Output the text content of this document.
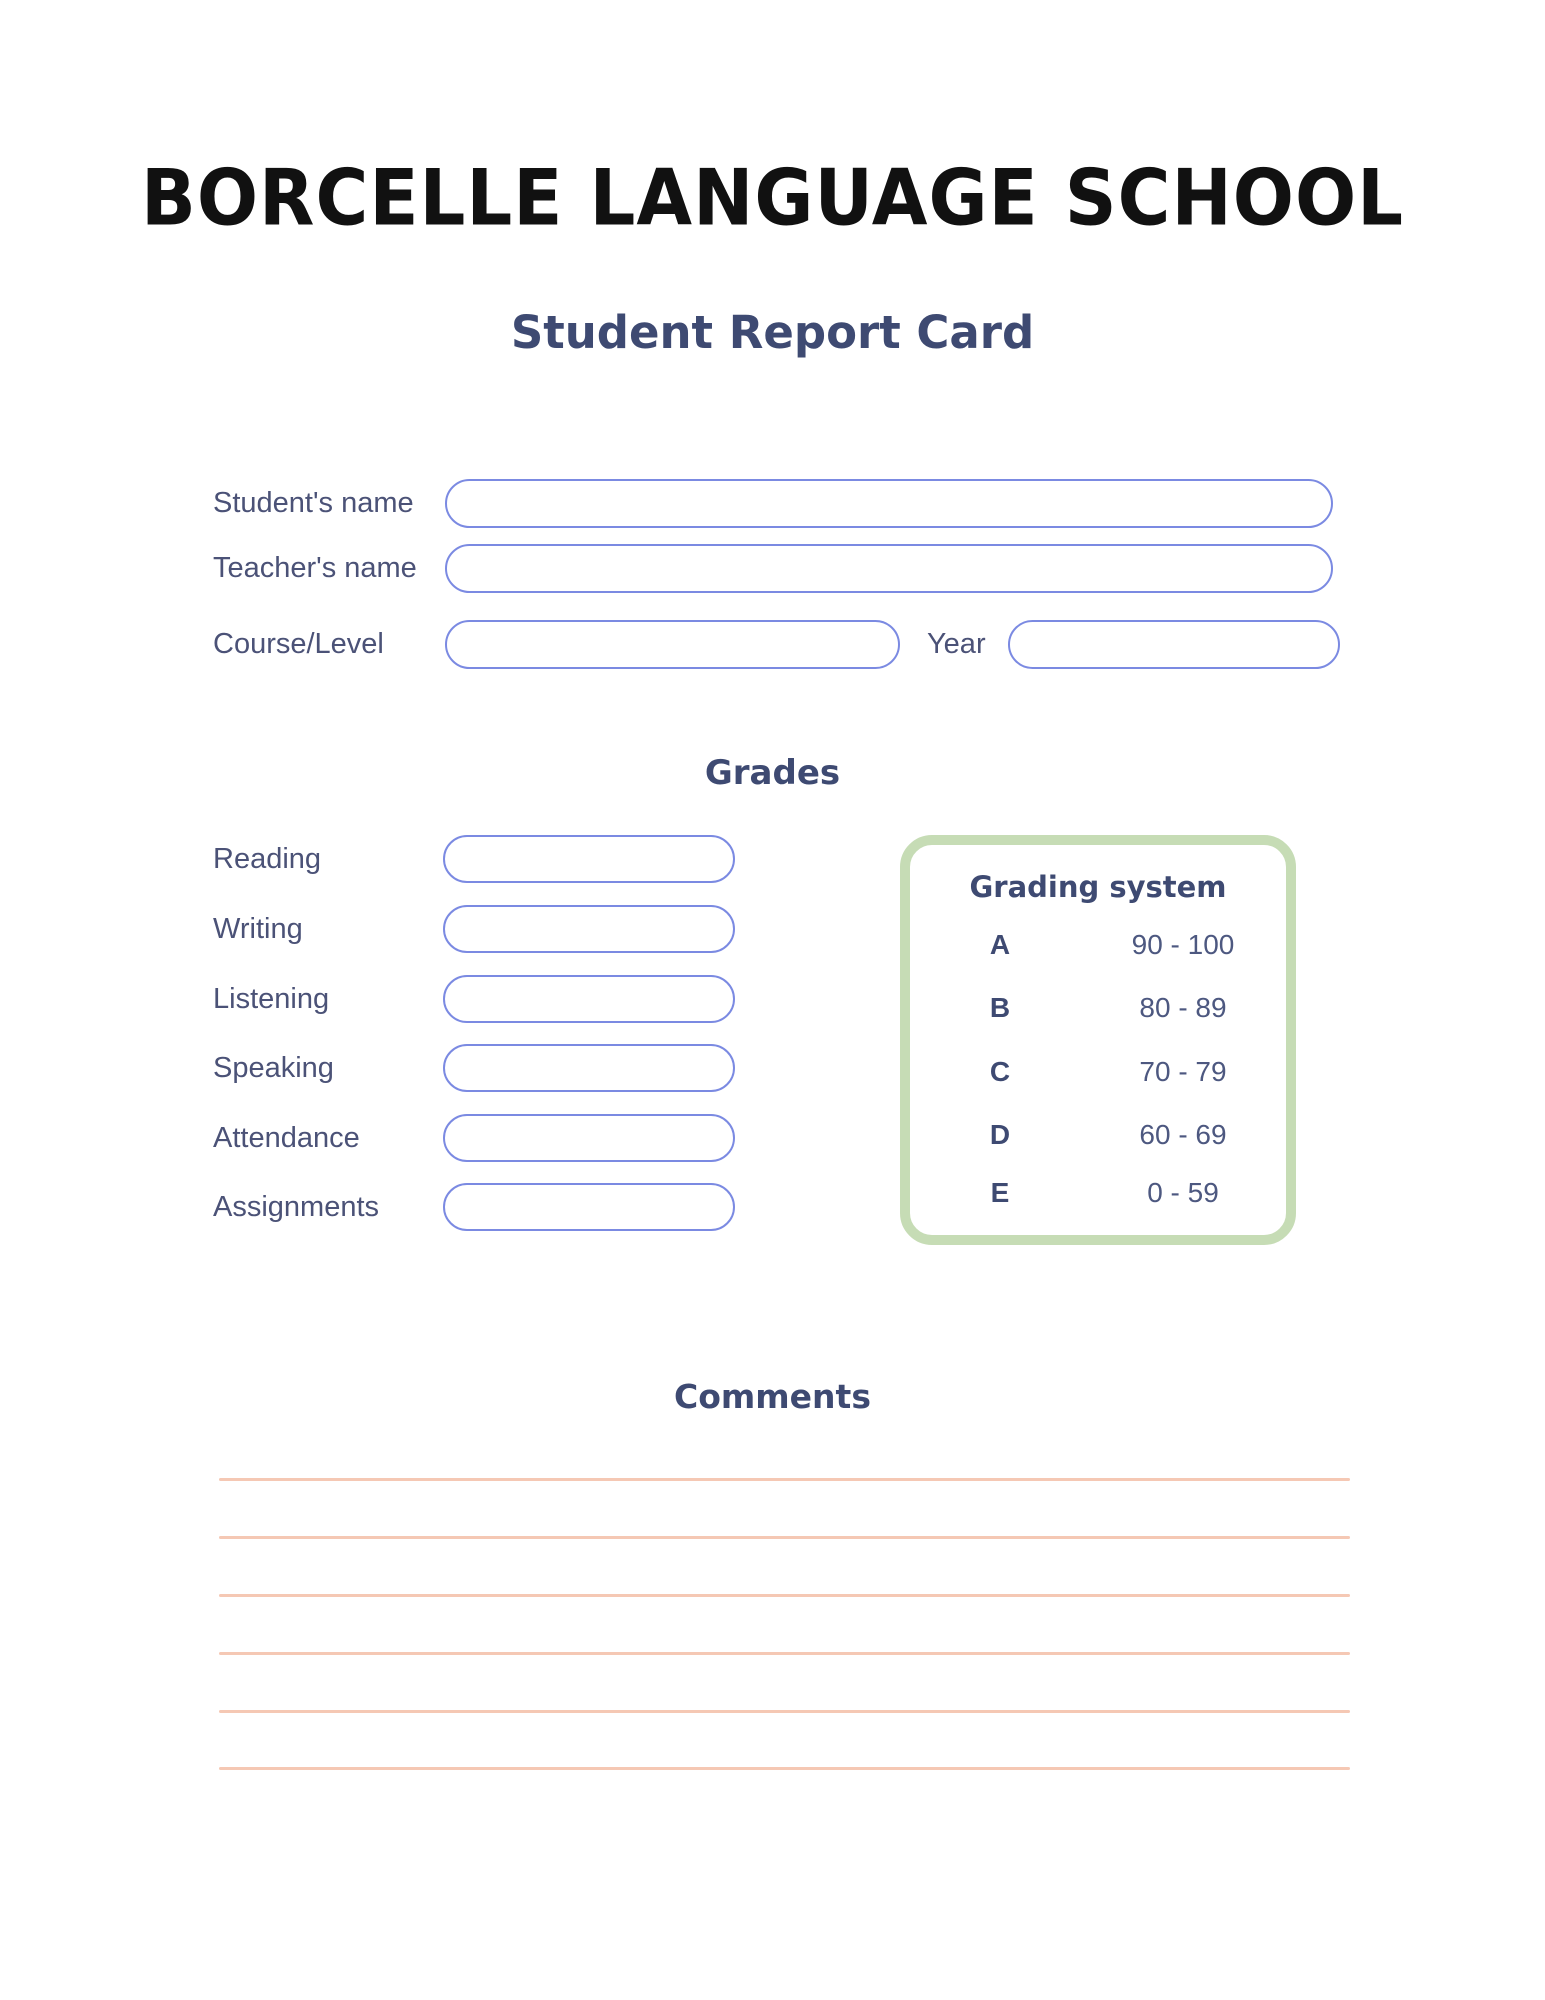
BORCELLE LANGUAGE SCHOOL
Student Report Card
Student's name
Teacher's name
Course/Level	Year
Grades
Reading
Writing
Listening
Speaking
Attendance
Assignments
Grading system
A	90 - 100
B	80 - 89
C	70 - 79
D	60 - 69
E	0 - 59
Comments
